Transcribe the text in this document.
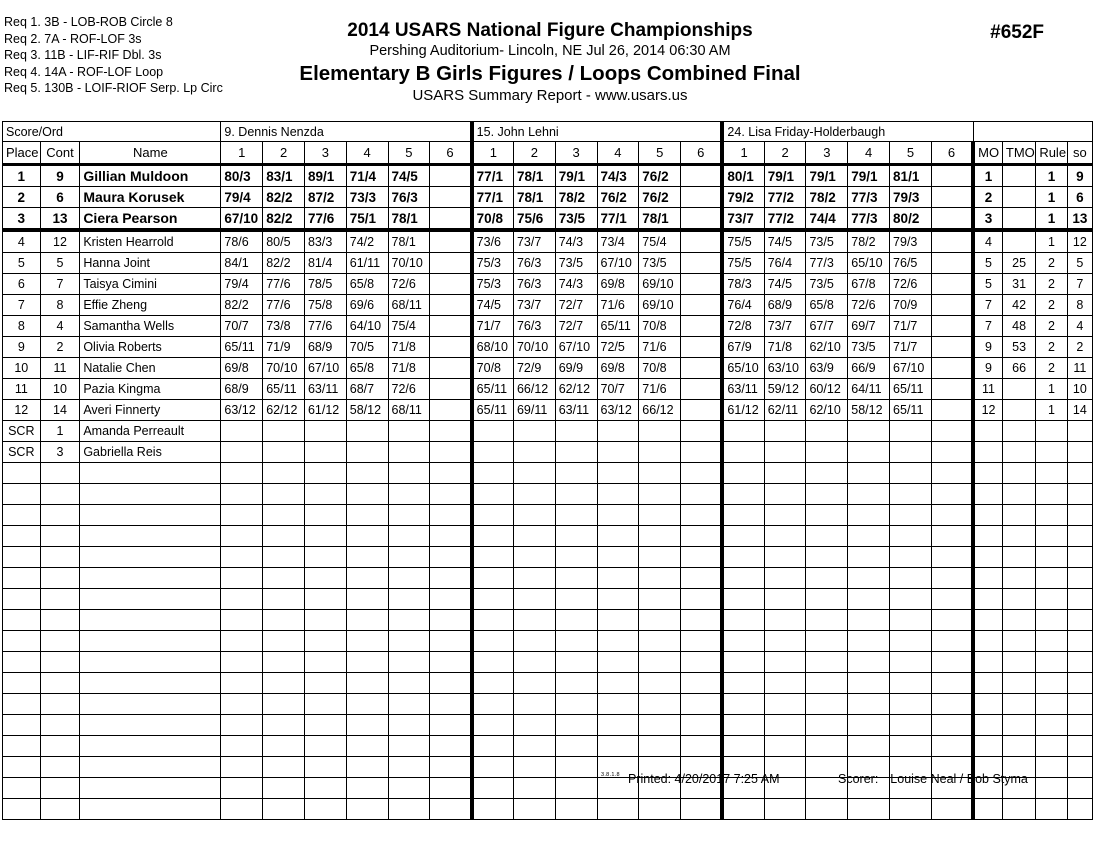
Req 1. 3B - LOB-ROB Circle 8
Req 2. 7A - ROF-LOF 3s
Req 3. 11B - LIF-RIF Dbl. 3s
Req 4. 14A - ROF-LOF Loop
Req 5. 130B - LOIF-RIOF Serp. Lp Circ
2014 USARS National Figure Championships
Pershing Auditorium- Lincoln, NE Jul 26, 2014 06:30 AM
Elementary B Girls Figures / Loops Combined Final
USARS Summary Report - www.usars.us
#652F
Score/Ord			9. Dennis Nenzda						15. John Lehni						24. Lisa Friday-Holderbaugh									
Place	Cont	Name	1	2	3	4	5	6	1	2	3	4	5	6	1	2	3	4	5	6	MO	TMO	Rule	so
1	9	Gillian Muldoon	80/3	83/1	89/1	71/4	74/5		77/1	78/1	79/1	74/3	76/2		80/1	79/1	79/1	79/1	81/1		1		1	9
2	6	Maura Korusek	79/4	82/2	87/2	73/3	76/3		77/1	78/1	78/2	76/2	76/2		79/2	77/2	78/2	77/3	79/3		2		1	6
3	13	Ciera Pearson	67/10	82/2	77/6	75/1	78/1		70/8	75/6	73/5	77/1	78/1		73/7	77/2	74/4	77/3	80/2		3		1	13
4	12	Kristen Hearrold	78/6	80/5	83/3	74/2	78/1		73/6	73/7	74/3	73/4	75/4		75/5	74/5	73/5	78/2	79/3		4		1	12
5	5	Hanna Joint	84/1	82/2	81/4	61/11	70/10		75/3	76/3	73/5	67/10	73/5		75/5	76/4	77/3	65/10	76/5		5	25	2	5
6	7	Taisya Cimini	79/4	77/6	78/5	65/8	72/6		75/3	76/3	74/3	69/8	69/10		78/3	74/5	73/5	67/8	72/6		5	31	2	7
7	8	Effie Zheng	82/2	77/6	75/8	69/6	68/11		74/5	73/7	72/7	71/6	69/10		76/4	68/9	65/8	72/6	70/9		7	42	2	8
8	4	Samantha Wells	70/7	73/8	77/6	64/10	75/4		71/7	76/3	72/7	65/11	70/8		72/8	73/7	67/7	69/7	71/7		7	48	2	4
9	2	Olivia Roberts	65/11	71/9	68/9	70/5	71/8		68/10	70/10	67/10	72/5	71/6		67/9	71/8	62/10	73/5	71/7		9	53	2	2
10	11	Natalie Chen	69/8	70/10	67/10	65/8	71/8		70/8	72/9	69/9	69/8	70/8		65/10	63/10	63/9	66/9	67/10		9	66	2	11
11	10	Pazia Kingma	68/9	65/11	63/11	68/7	72/6		65/11	66/12	62/12	70/7	71/6		63/11	59/12	60/12	64/11	65/11		11		1	10
12	14	Averi Finnerty	63/12	62/12	61/12	58/12	68/11		65/11	69/11	63/11	63/12	66/12		61/12	62/11	62/10	58/12	65/11		12		1	14
SCR	1	Amanda Perreault																						
SCR	3	Gabriella Reis																						

3.8.1.8 Printed: 4/20/2017 7:25 AM	Scorer: Louise Neal / Bob Styma
